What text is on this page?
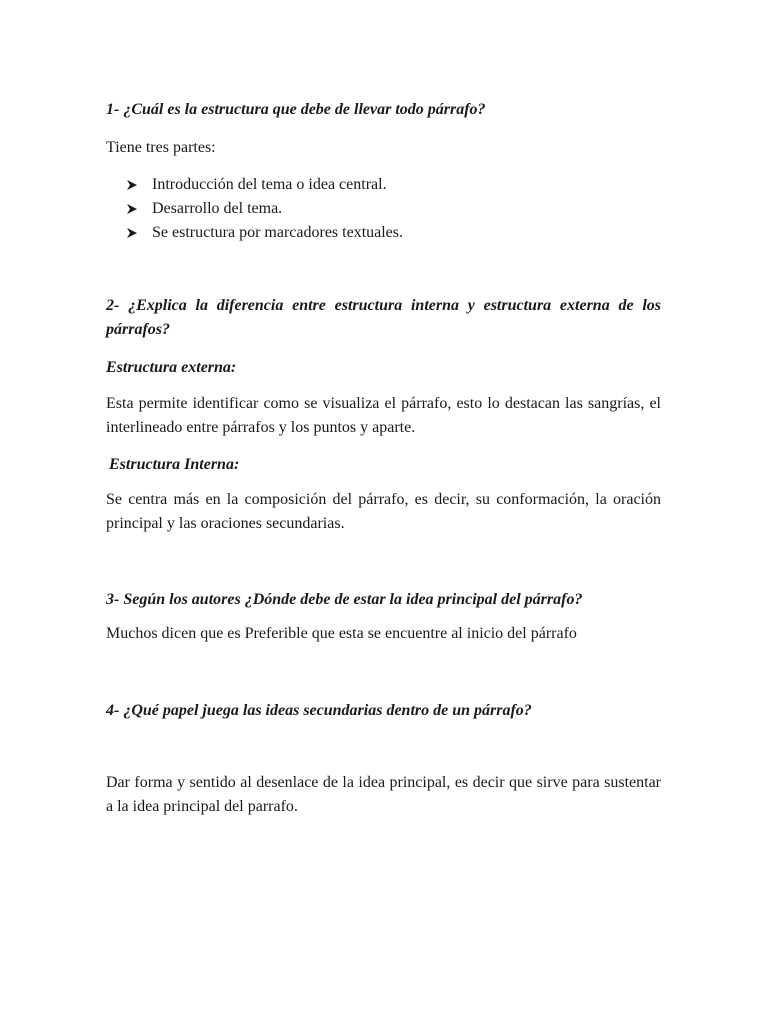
1- ¿Cuál es la estructura que debe de llevar todo párrafo?

Tiene tres partes:

Introducción del tema o idea central.
Desarrollo del tema.
Se estructura por marcadores textuales.

2- ¿Explica la diferencia entre estructura interna y estructura externa de los párrafos?

Estructura externa:

Esta permite identificar como se visualiza el párrafo, esto lo destacan las sangrías, el interlineado entre párrafos y los puntos y aparte.

Estructura Interna:

Se centra más en la composición del párrafo, es decir, su conformación, la oración principal y las oraciones secundarias.

3- Según los autores ¿Dónde debe de estar la idea principal del párrafo?

Muchos dicen que es Preferible que esta se encuentre al inicio del párrafo

4- ¿Qué papel juega las ideas secundarias dentro de un párrafo?

Dar forma y sentido al desenlace de la idea principal, es decir que sirve para sustentar a la idea principal del parrafo.
